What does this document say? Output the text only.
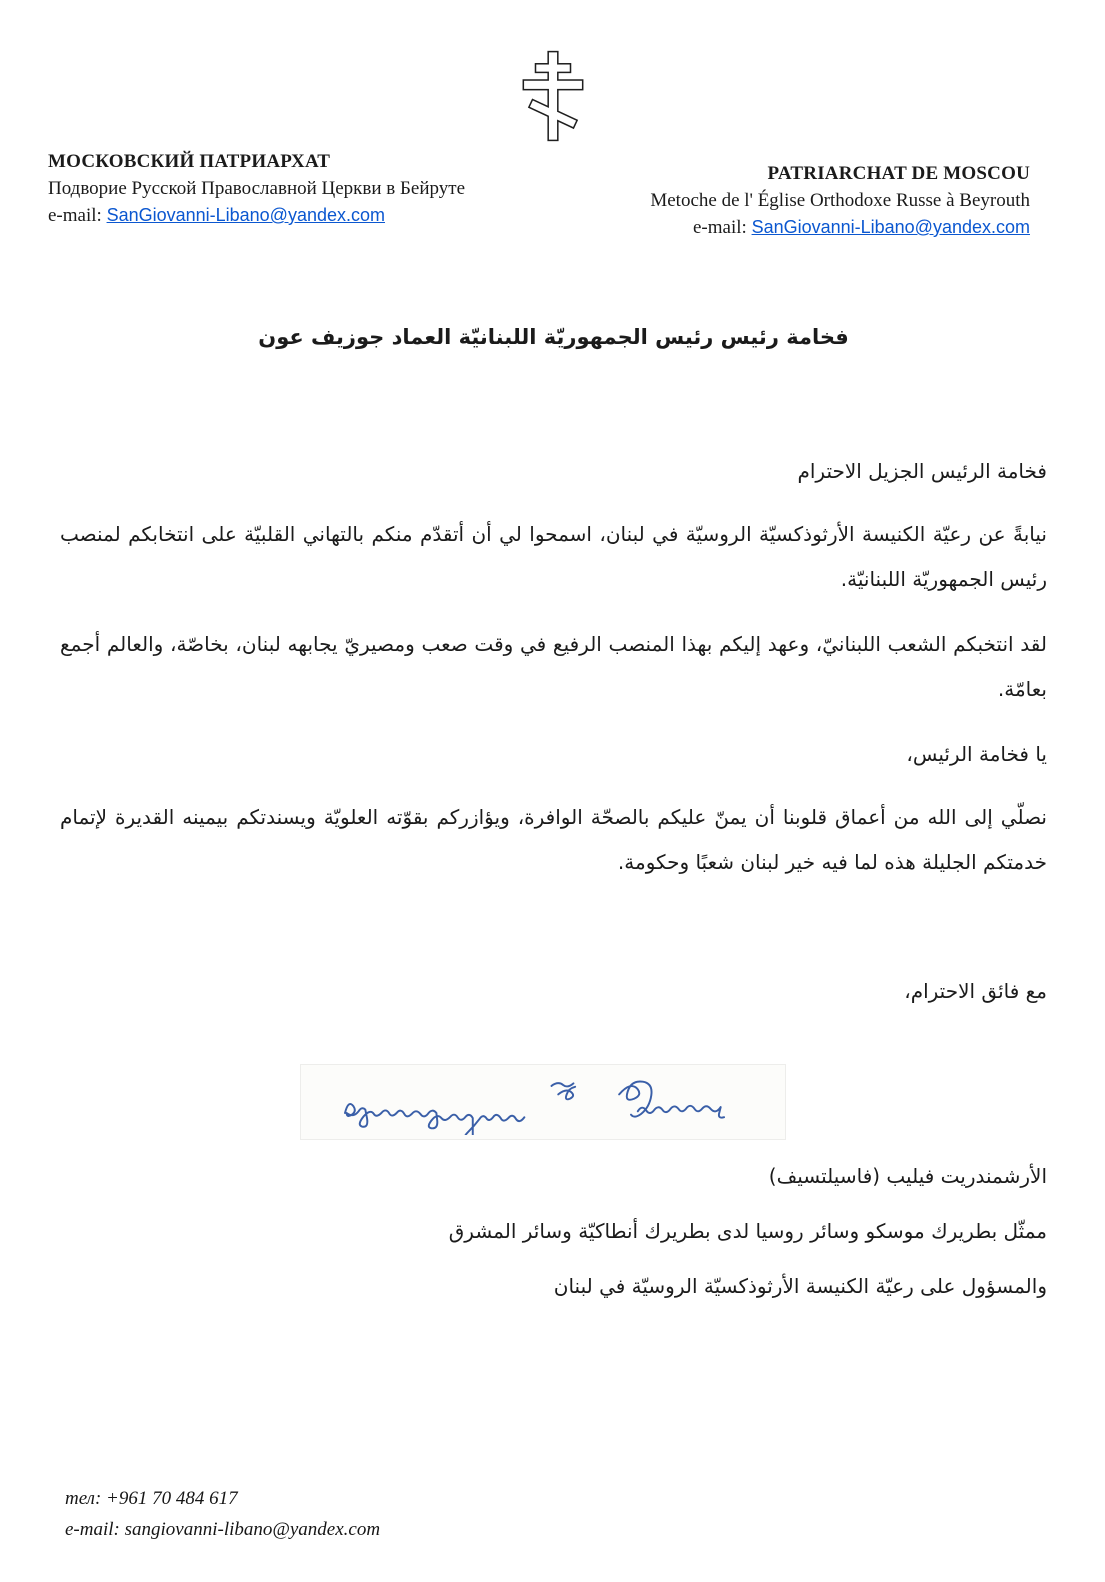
МОСКОВСКИЙ ПАТРИАРХАТ
Подворие Русской Православной Церкви в Бейруте
e-mail: SanGiovanni-Libano@yandex.com
PATRIARCHAT DE MOSCOU
Metoche de l' Église Orthodoxe Russe à Beyrouth
e-mail: SanGiovanni-Libano@yandex.com
فخامة رئيس رئيس الجمهوريّة اللبنانيّة العماد جوزيف عون
فخامة الرئيس الجزيل الاحترام

نيابةً عن رعيّة الكنيسة الأرثوذكسيّة الروسيّة في لبنان، اسمحوا لي أن أتقدّم منكم بالتهاني القلبيّة على انتخابكم لمنصب رئيس الجمهوريّة اللبنانيّة.

لقد انتخبكم الشعب اللبنانيّ، وعهد إليكم بهذا المنصب الرفيع في وقت صعب ومصيريّ يجابهه لبنان، بخاصّة، والعالم أجمع بعامّة.

يا فخامة الرئيس،

نصلّي إلى الله من أعماق قلوبنا أن يمنّ عليكم بالصحّة الوافرة، ويؤازركم بقوّته العلويّة ويسندتكم بيمينه القديرة لإتمام خدمتكم الجليلة هذه لما فيه خير لبنان شعبًا وحكومة.

مع فائق الاحترام،
الأرشمندريت فيليب (فاسيلتسيف)
ممثّل بطريرك موسكو وسائر روسيا لدى بطريرك أنطاكيّة وسائر المشرق
والمسؤول على رعيّة الكنيسة الأرثوذكسيّة الروسيّة في لبنان
тел: +961 70 484 617
e-mail: sangiovanni-libano@yandex.com
